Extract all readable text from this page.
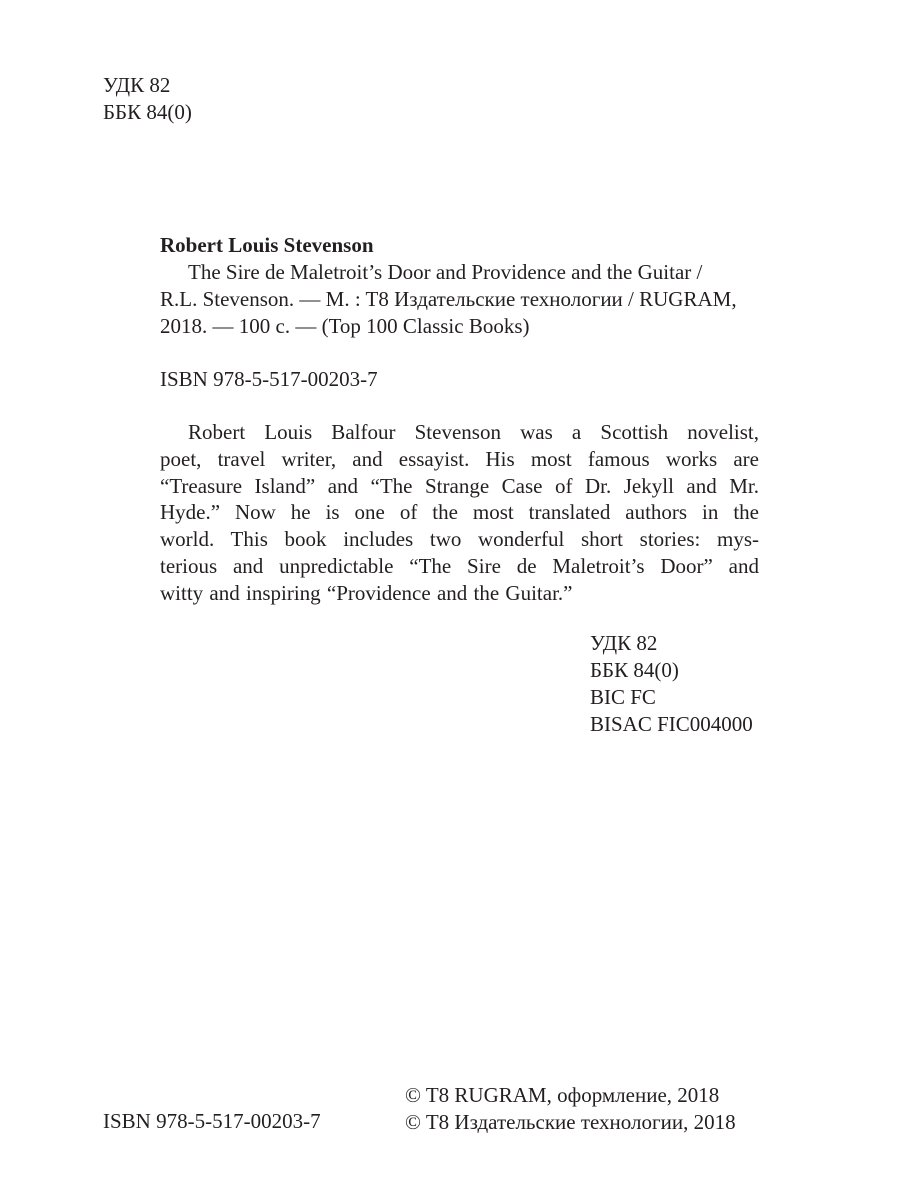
УДК 82
ББК 84(0)
Robert Louis Stevenson
The Sire de Maletroit’s Door and Providence and the Guitar /
R.L. Stevenson. — M. : T8 Издательские технологии / RUGRAM,
2018. — 100 с. — (Top 100 Classic Books)
ISBN 978-5-517-00203-7
Robert Louis Balfour Stevenson was a Scottish novelist,
poet, travel writer, and essayist. His most famous works are
“Treasure Island” and “The Strange Case of Dr. Jekyll and Mr.
Hyde.” Now he is one of the most translated authors in the
world. This book includes two wonderful short stories: mys-
terious and unpredictable “The Sire de Maletroit’s Door” and
witty and inspiring “Providence and the Guitar.”
УДК 82
ББК 84(0)
BIC FC
BISAC FIC004000
© T8 RUGRAM, оформление, 2018
© T8 Издательские технологии, 2018
ISBN 978-5-517-00203-7
